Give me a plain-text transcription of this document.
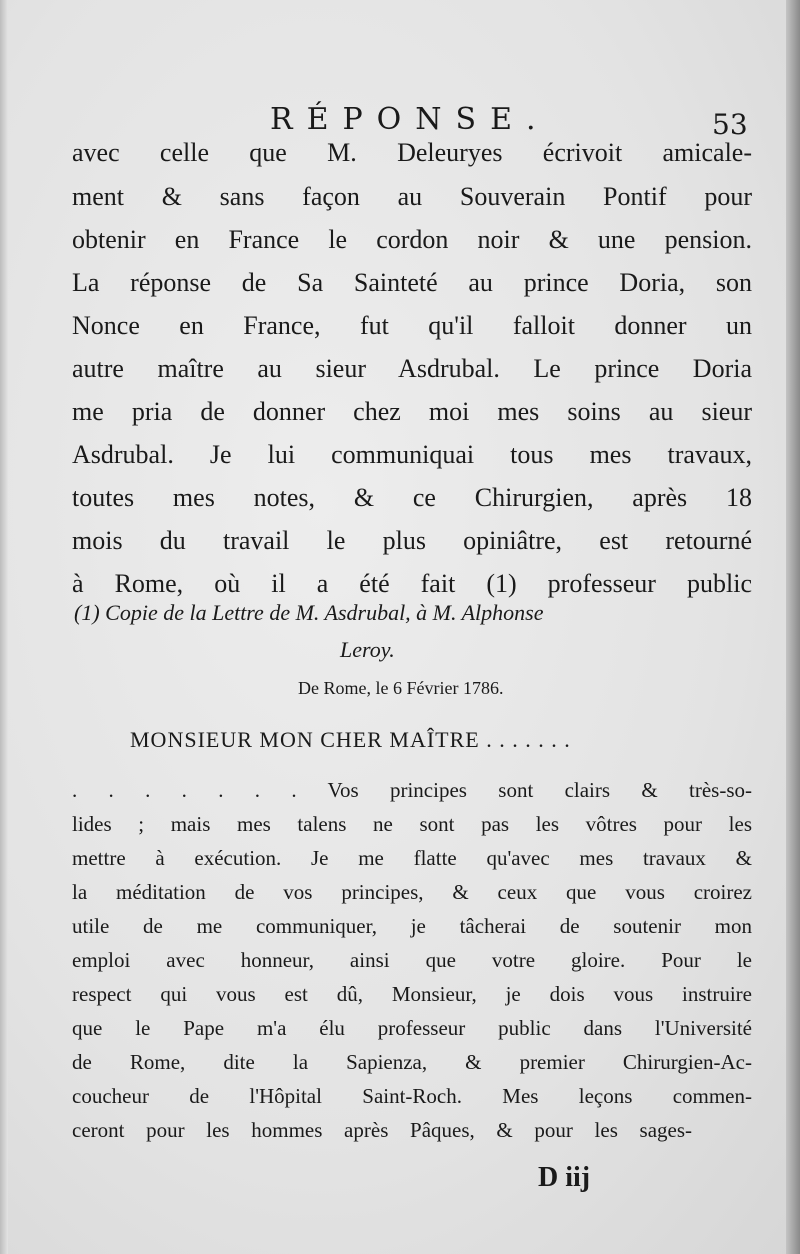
RÉPONSE.	53
avec celle que M. Deleuryes écrivoit amicale-
ment & sans façon au Souverain Pontif pour
obtenir en France le cordon noir & une pension.
La réponse de Sa Sainteté au prince Doria, son
Nonce en France, fut qu'il falloit donner un
autre maître au sieur Asdrubal. Le prince Doria
me pria de donner chez moi mes soins au sieur
Asdrubal. Je lui communiquai tous mes travaux,
toutes mes notes, & ce Chirurgien, après 18
mois du travail le plus opiniâtre, est retourné
à Rome, où il a été fait (1) professeur public
(1) Copie de la Lettre de M. Asdrubal, à M. Alphonse
Leroy.
De Rome, le 6 Février 1786.
MONSIEUR MON CHER MAÎTRE . . . . . . .
. . . . . . . Vos principes sont clairs & très-so-
lides ; mais mes talens ne sont pas les vôtres pour les
mettre à exécution. Je me flatte qu'avec mes travaux &
la méditation de vos principes, & ceux que vous croirez
utile de me communiquer, je tâcherai de soutenir mon
emploi avec honneur, ainsi que votre gloire. Pour le
respect qui vous est dû, Monsieur, je dois vous instruire
que le Pape m'a élu professeur public dans l'Université
de Rome, dite la Sapienza, & premier Chirurgien-Ac-
coucheur de l'Hôpital Saint-Roch. Mes leçons commen-
ceront pour les hommes après Pâques, & pour les sages-
D iij
